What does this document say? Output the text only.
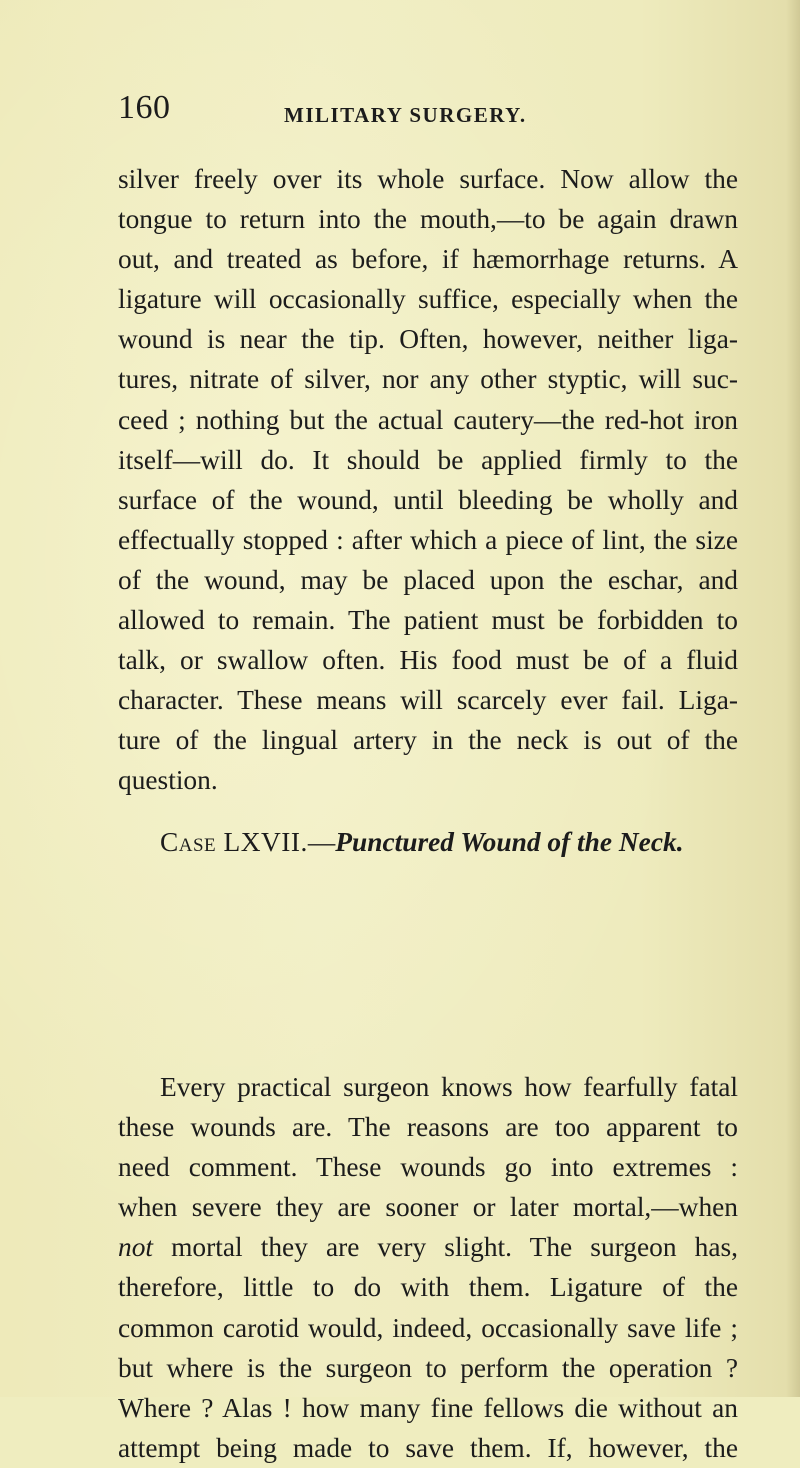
160	MILITARY SURGERY.
silver freely over its whole surface. Now allow the
tongue to return into the mouth,—to be again drawn
out, and treated as before, if hæmorrhage returns. A
ligature will occasionally suffice, especially when the
wound is near the tip. Often, however, neither liga-
tures, nitrate of silver, nor any other styptic, will suc-
ceed ; nothing but the actual cautery—the red-hot iron
itself—will do. It should be applied firmly to the
surface of the wound, until bleeding be wholly and
effectually stopped : after which a piece of lint, the size
of the wound, may be placed upon the eschar, and
allowed to remain. The patient must be forbidden to
talk, or swallow often. His food must be of a fluid
character. These means will scarcely ever fail. Liga-
ture of the lingual artery in the neck is out of the
question.
Case LXVII.—Punctured Wound of the Neck.
Every practical surgeon knows how fearfully fatal
these wounds are. The reasons are too apparent to
need comment. These wounds go into extremes :
when severe they are sooner or later mortal,—when
not mortal they are very slight. The surgeon has,
therefore, little to do with them. Ligature of the
common carotid would, indeed, occasionally save life ;
but where is the surgeon to perform the operation ?
Where ? Alas ! how many fine fellows die without an
attempt being made to save them. If, however, the
